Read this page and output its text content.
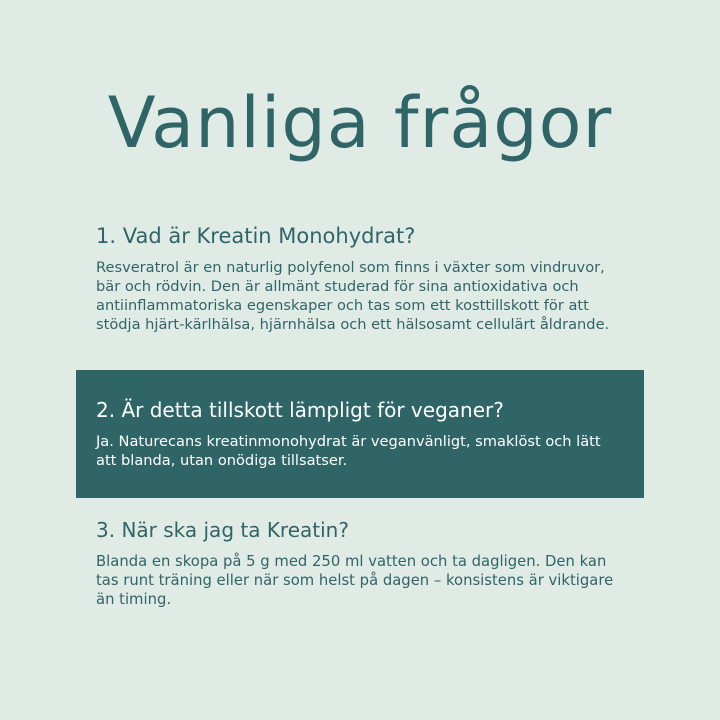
Vanliga frågor
1. Vad är Kreatin Monohydrat?

Resveratrol är en naturlig polyfenol som finns i växter som vindruvor, bär och rödvin. Den är allmänt studerad för sina antioxidativa och antiinflammatoriska egenskaper och tas som ett kosttillskott för att stödja hjärt-kärlhälsa, hjärnhälsa och ett hälsosamt cellulärt åldrande.

2. Är detta tillskott lämpligt för veganer?

Ja. Naturecans kreatinmonohydrat är veganvänligt, smaklöst och lätt att blanda, utan onödiga tillsatser.

3. När ska jag ta Kreatin?

Blanda en skopa på 5 g med 250 ml vatten och ta dagligen. Den kan tas runt träning eller när som helst på dagen – konsistens är viktigare än timing.
